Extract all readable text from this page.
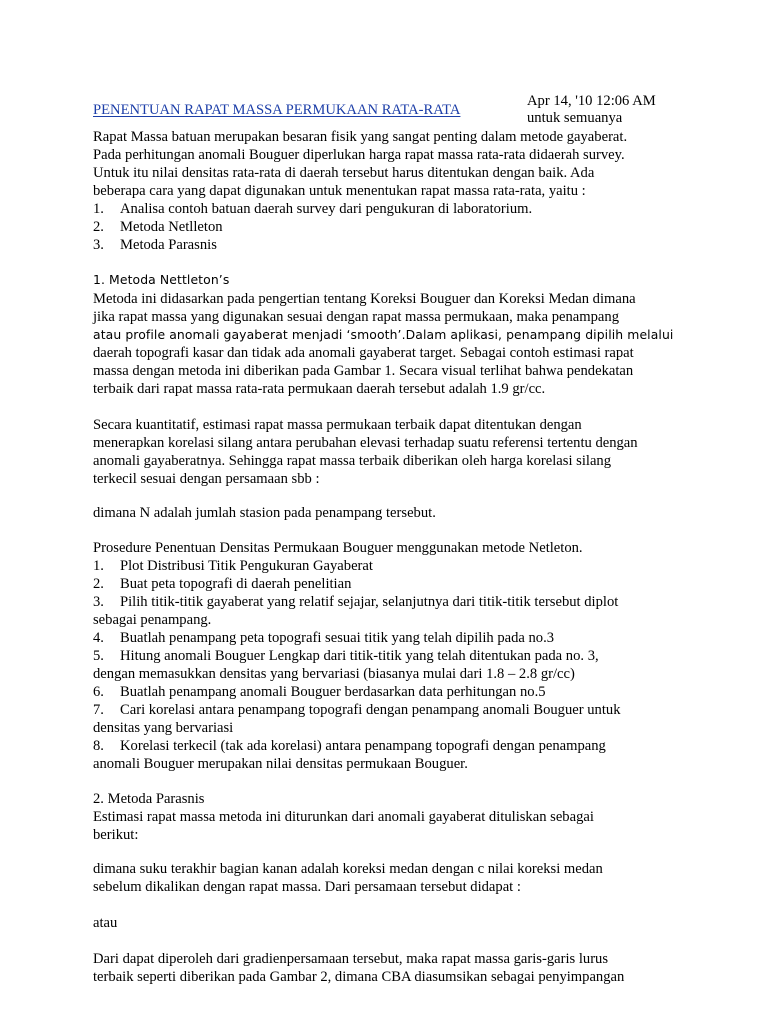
PENENTUAN RAPAT MASSA PERMUKAAN RATA-RATA
Apr 14, '10 12:06 AM
untuk semuanya
Rapat Massa batuan merupakan besaran fisik yang sangat penting dalam metode gayaberat.
Pada perhitungan anomali Bouguer diperlukan harga rapat massa rata-rata didaerah survey.
Untuk itu nilai densitas rata-rata di daerah tersebut harus ditentukan dengan baik. Ada
beberapa cara yang dapat digunakan untuk menentukan rapat massa rata-rata, yaitu :
1.	Analisa contoh batuan daerah survey dari pengukuran di laboratorium.
2.	Metoda Netlleton
3.	Metoda Parasnis
1. Metoda Nettleton’s
Metoda ini didasarkan pada pengertian tentang Koreksi Bouguer dan Koreksi Medan dimana
jika rapat massa yang digunakan sesuai dengan rapat massa permukaan, maka penampang
atau profile anomali gayaberat menjadi ‘smooth’.Dalam aplikasi, penampang dipilih melalui
daerah topografi kasar dan tidak ada anomali gayaberat target. Sebagai contoh estimasi rapat
massa dengan metoda ini diberikan pada Gambar 1. Secara visual terlihat bahwa pendekatan
terbaik dari rapat massa rata-rata permukaan daerah tersebut adalah 1.9 gr/cc.
Secara kuantitatif, estimasi rapat massa permukaan terbaik dapat ditentukan dengan
menerapkan korelasi silang antara perubahan elevasi terhadap suatu referensi tertentu dengan
anomali gayaberatnya. Sehingga rapat massa terbaik diberikan oleh harga korelasi silang
terkecil sesuai dengan persamaan sbb :
dimana N adalah jumlah stasion pada penampang tersebut.
Prosedure Penentuan Densitas Permukaan Bouguer menggunakan metode Netleton.
1.	Plot Distribusi Titik Pengukuran Gayaberat
2.	Buat peta topografi di daerah penelitian
3.	Pilih titik-titik gayaberat yang relatif sejajar, selanjutnya dari titik-titik tersebut diplot
sebagai penampang.
4.	Buatlah penampang peta topografi sesuai titik yang telah dipilih pada no.3
5.	Hitung anomali Bouguer Lengkap dari titik-titik yang telah ditentukan pada no. 3,
dengan memasukkan densitas yang bervariasi (biasanya mulai dari 1.8 – 2.8 gr/cc)
6.	Buatlah penampang anomali Bouguer berdasarkan data perhitungan no.5
7.	Cari korelasi antara penampang topografi dengan penampang anomali Bouguer untuk
densitas yang bervariasi
8.	Korelasi terkecil (tak ada korelasi) antara penampang topografi dengan penampang
anomali Bouguer merupakan nilai densitas permukaan Bouguer.
2. Metoda Parasnis
Estimasi rapat massa metoda ini diturunkan dari anomali gayaberat dituliskan sebagai
berikut:
dimana suku terakhir bagian kanan adalah koreksi medan dengan c nilai koreksi medan
sebelum dikalikan dengan rapat massa. Dari persamaan tersebut didapat :
atau
Dari dapat diperoleh dari gradienpersamaan tersebut, maka rapat massa garis-garis lurus
terbaik seperti diberikan pada Gambar 2, dimana CBA diasumsikan sebagai penyimpangan
